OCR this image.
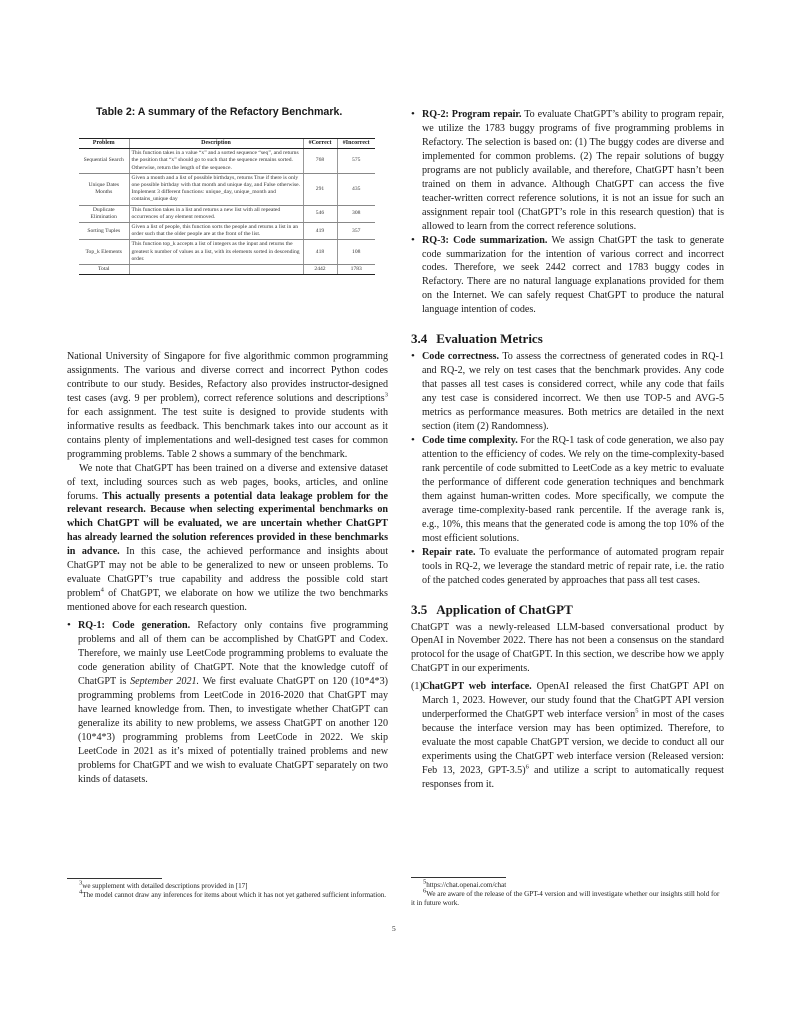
Table 2: A summary of the Refactory Benchmark.
Problem	Description	#Correct	#Incorrect
Sequential Search	This function takes in a value “x” and a sorted sequence “seq”, and returns the position that “x” should go to such that the sequence remains sorted. Otherwise, return the length of the sequence.	768	575
Unique Dates Months	Given a month and a list of possible birthdays, returns True if there is only one possible birthday with that month and unique day, and False otherwise. Implement 3 different functions: unique_day, unique_month and contains_unique day	291	435
Duplicate Elimination	This function takes in a list and returns a new list with all repeated occurrences of any element removed.	546	308
Sorting Tuples	Given a list of people, this function sorts the people and returns a list in an order such that the older people are at the front of the list.	419	357
Top_k Elements	This function top_k accepts a list of integers as the input and returns the greatest k number of values as a list, with its elements sorted in descending order.	418	108
Total		2442	1783

National University of Singapore for five algorithmic common programming assignments. The various and diverse correct and incorrect Python codes contribute to our study. Besides, Refactory also provides instructor-designed test cases (avg. 9 per problem), correct reference solutions and descriptions$^3$ for each assignment. The test suite is designed to provide students with informative results as feedback. This benchmark takes into our account as it contains plenty of implementations and well-designed test cases for common programming problems. Table 2 shows a summary of the benchmark.

We note that ChatGPT has been trained on a diverse and extensive dataset of text, including sources such as web pages, books, articles, and online forums. This actually presents a potential data leakage problem for the relevant research. Because when selecting experimental benchmarks on which ChatGPT will be evaluated, we are uncertain whether ChatGPT has already learned the solution references provided in these benchmarks in advance. In this case, the achieved performance and insights about ChatGPT may not be able to be generalized to new or unseen problems. To evaluate ChatGPT’s true capability and address the possible cold start problem$^4$ of ChatGPT, we elaborate on how we utilize the two benchmarks mentioned above for each research question.

• RQ-1: Code generation. Refactory only contains five programming problems and all of them can be accomplished by ChatGPT and Codex. Therefore, we mainly use LeetCode programming problems to evaluate the code generation ability of ChatGPT. Note that the knowledge cutoff of ChatGPT is September 2021. We first evaluate ChatGPT on 120 (10*4*3) programming problems from LeetCode in 2016-2020 that ChatGPT may have learned knowledge from. Then, to investigate whether ChatGPT can generalize its ability to new problems, we assess ChatGPT on another 120 (10*4*3) programming problems from LeetCode in 2022. We skip LeetCode in 2021 as it’s mixed of potentially trained problems and new problems for ChatGPT and we wish to evaluate ChatGPT separately on two kinds of datasets.
$^3$we supplement with detailed descriptions provided in [17]
$^4$The model cannot draw any inferences for items about which it has not yet gathered sufficient information.
• RQ-2: Program repair. To evaluate ChatGPT’s ability to program repair, we utilize the 1783 buggy programs of five programming problems in Refactory. The selection is based on: (1) The buggy codes are diverse and implemented for common problems. (2) The repair solutions of buggy programs are not publicly available, and therefore, ChatGPT hasn’t been trained on them in advance. Although ChatGPT can access the five teacher-written correct reference solutions, it is not an issue for such an assignment repair tool (ChatGPT’s role in this research question) that is allowed to learn from the correct reference solutions.
• RQ-3: Code summarization. We assign ChatGPT the task to generate code summarization for the intention of various correct and incorrect codes. Therefore, we seek 2442 correct and 1783 buggy codes in Refactory. There are no natural language explanations provided for them on the Internet. We can safely request ChatGPT to produce the natural language intention of codes.
3.4 Evaluation Metrics
• Code correctness. To assess the correctness of generated codes in RQ-1 and RQ-2, we rely on test cases that the benchmark provides. Any code that passes all test cases is considered correct, while any code that fails any test case is considered incorrect. We then use TOP-5 and AVG-5 metrics as performance measures. Both metrics are detailed in the next section (item (2) Randomness).
• Code time complexity. For the RQ-1 task of code generation, we also pay attention to the efficiency of codes. We rely on the time-complexity-based rank percentile of code submitted to LeetCode as a key metric to evaluate the performance of different code generation techniques and benchmark them against human-written codes. More specifically, we compute the average time-complexity-based rank percentile. If the average rank is, e.g., 10%, this means that the generated code is among the top 10% of the most efficient solutions.
• Repair rate. To evaluate the performance of automated program repair tools in RQ-2, we leverage the standard metric of repair rate, i.e. the ratio of the patched codes generated by approaches that pass all test cases.
3.5 Application of ChatGPT

ChatGPT was a newly-released LLM-based conversational product by OpenAI in November 2022. There has not been a consensus on the standard protocol for the usage of ChatGPT. In this section, we describe how we apply ChatGPT in our experiments.

(1) ChatGPT web interface. OpenAI released the first ChatGPT API on March 1, 2023. However, our study found that the ChatGPT API version underperformed the ChatGPT web interface version$^5$ in most of the cases because the interface version may has been optimized. Therefore, to evaluate the most capable ChatGPT version, we decide to conduct all our experiments using the ChatGPT web interface version (Released version: Feb 13, 2023, GPT-3.5)$^6$ and utilize a script to automatically request responses from it.
$^5$https://chat.openai.com/chat
$^6$We are aware of the release of the GPT-4 version and will investigate whether our insights still hold for it in future work.
5
